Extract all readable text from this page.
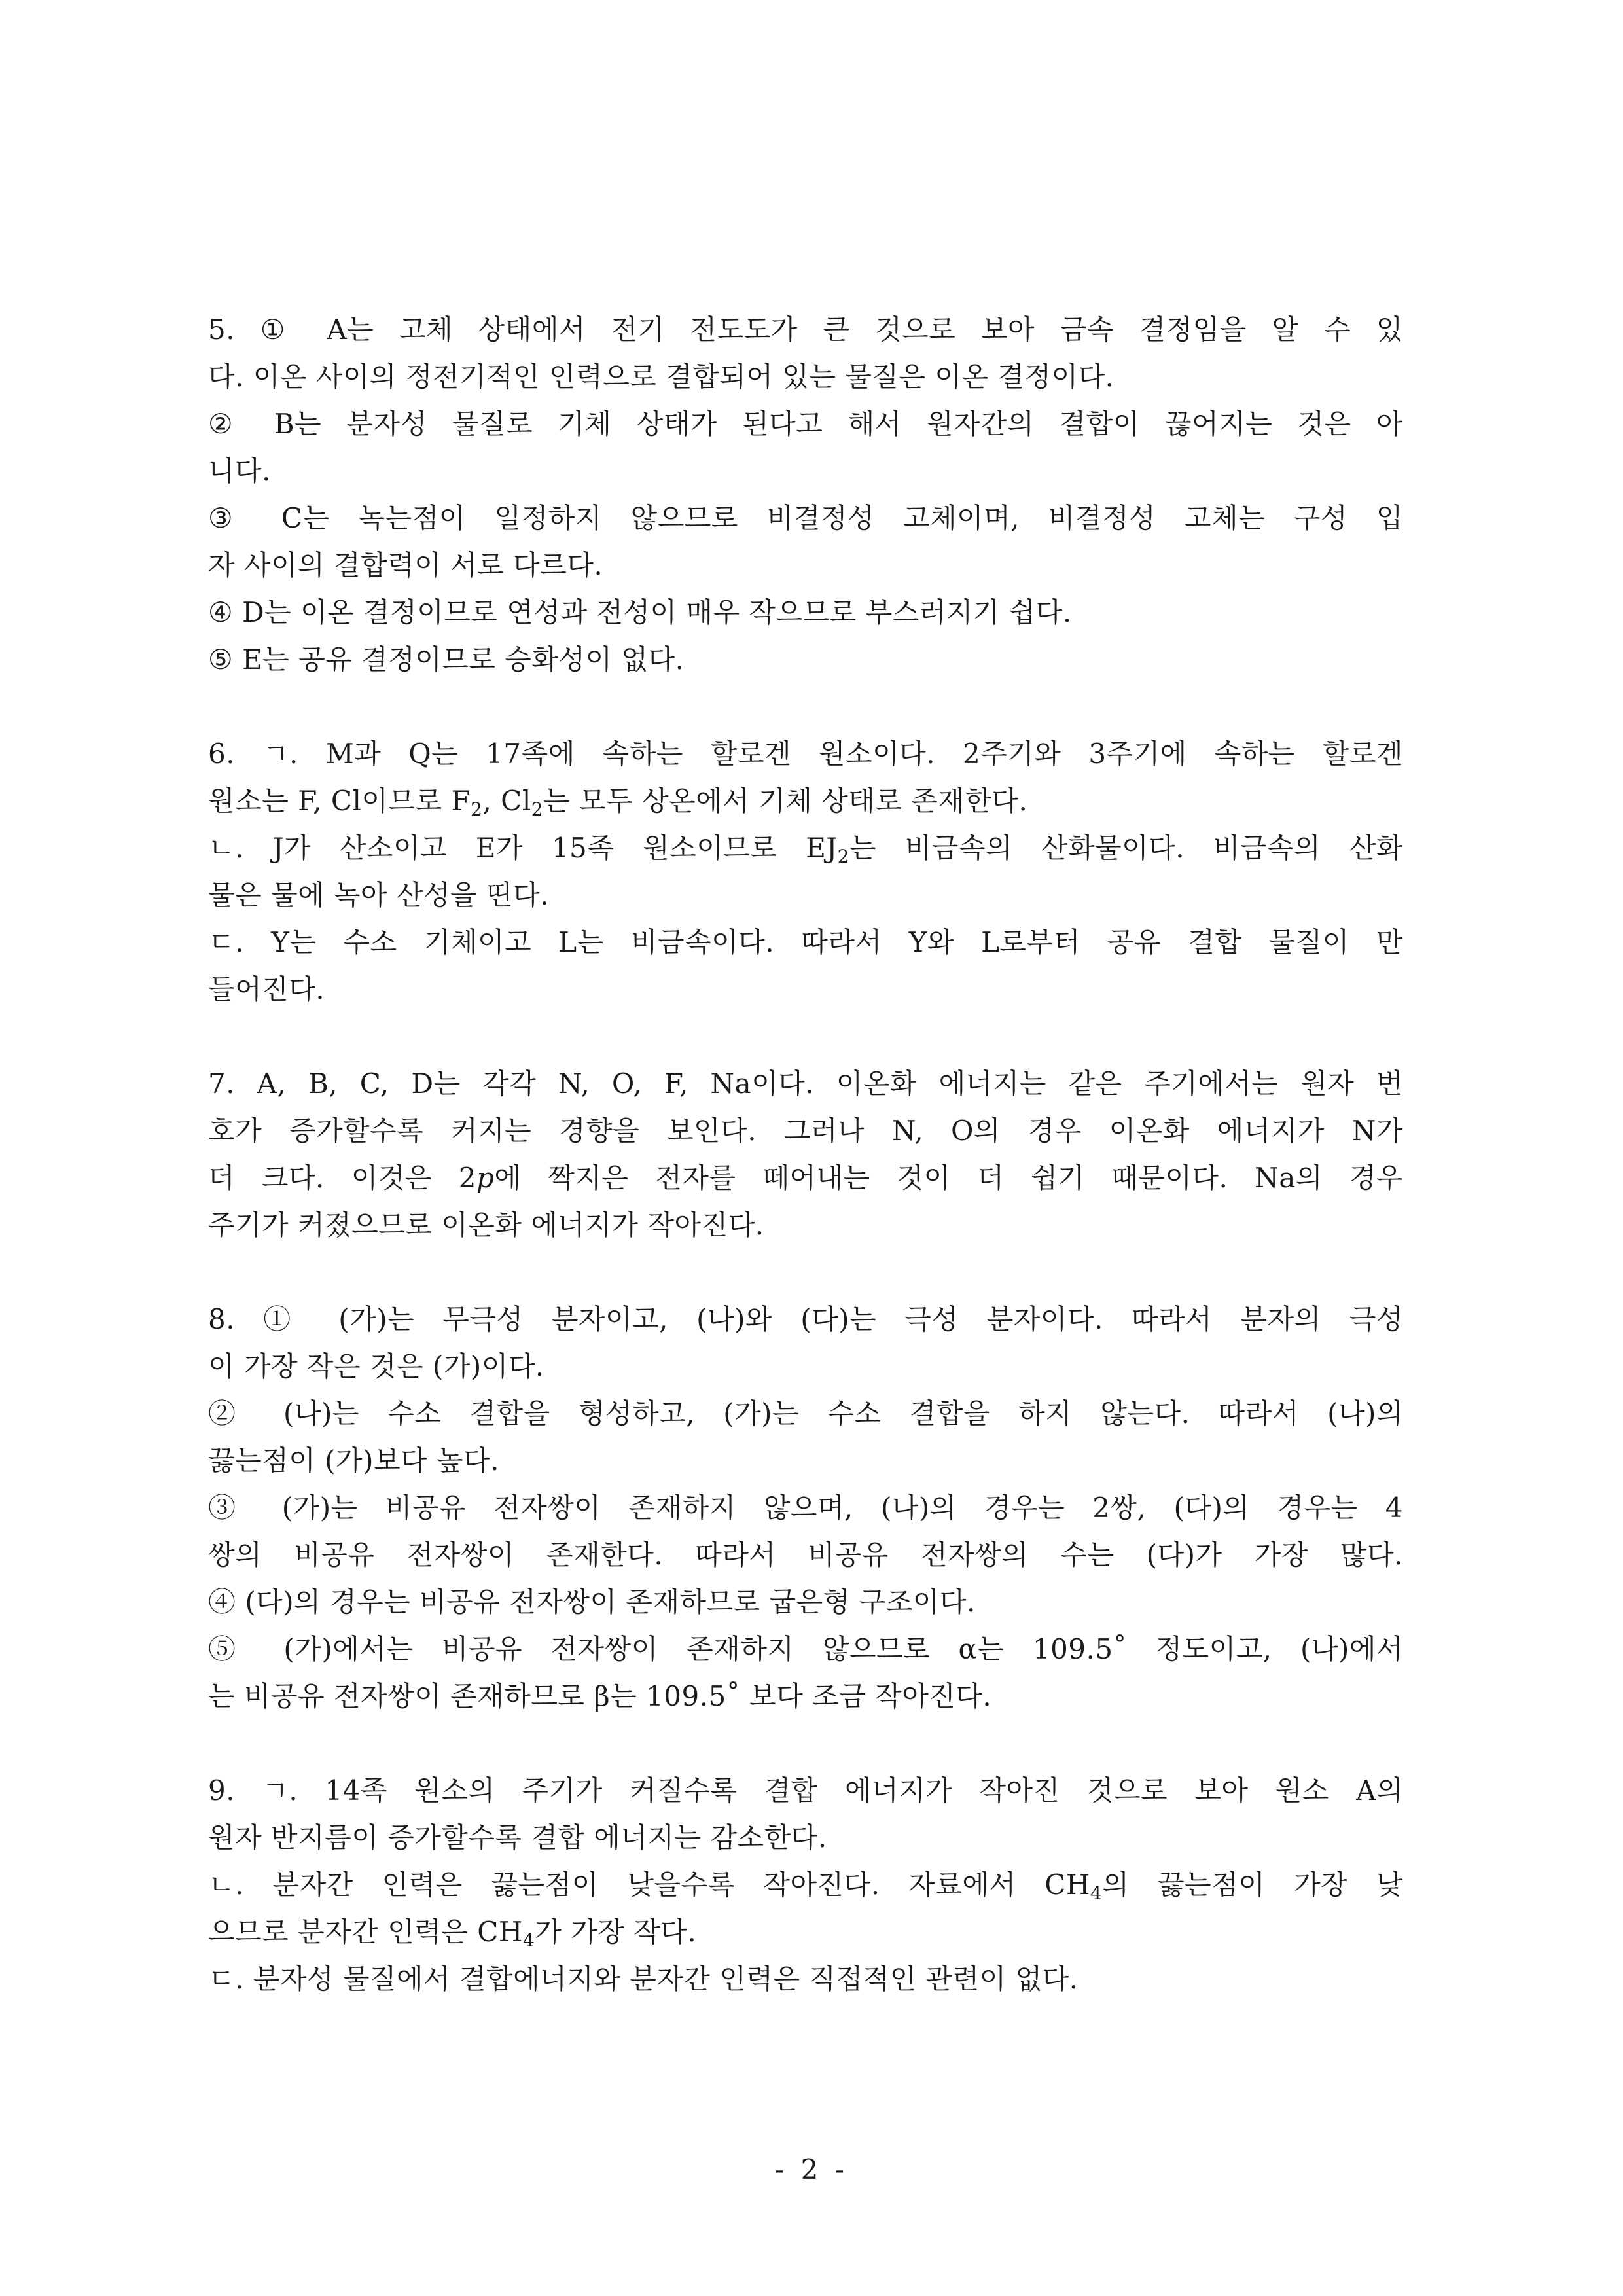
5. ① A는 고체 상태에서 전기 전도도가 큰 것으로 보아 금속 결정임을 알 수 있
다. 이온 사이의 정전기적인 인력으로 결합되어 있는 물질은 이온 결정이다.
② B는 분자성 물질로 기체 상태가 된다고 해서 원자간의 결합이 끊어지는 것은 아
니다.
③ C는 녹는점이 일정하지 않으므로 비결정성 고체이며, 비결정성 고체는 구성 입
자 사이의 결합력이 서로 다르다.
④ D는 이온 결정이므로 연성과 전성이 매우 작으므로 부스러지기 쉽다.
⑤ E는 공유 결정이므로 승화성이 없다.
6. ㄱ. M과 Q는 17족에 속하는 할로겐 원소이다. 2주기와 3주기에 속하는 할로겐
원소는 F, Cl이므로 $F_2$, $Cl_2$는 모두 상온에서 기체 상태로 존재한다.
ㄴ. J가 산소이고 E가 15족 원소이므로 $EJ_2$는 비금속의 산화물이다. 비금속의 산화
물은 물에 녹아 산성을 띤다.
ㄷ. Y는 수소 기체이고 L는 비금속이다. 따라서 Y와 L로부터 공유 결합 물질이 만
들어진다.
7. A, B, C, D는 각각 N, O, F, Na이다. 이온화 에너지는 같은 주기에서는 원자 번
호가 증가할수록 커지는 경향을 보인다. 그러나 N, O의 경우 이온화 에너지가 N가
더 크다. 이것은 2p에 짝지은 전자를 떼어내는 것이 더 쉽기 때문이다. Na의 경우
주기가 커졌으므로 이온화 에너지가 작아진다.
8. ① (가)는 무극성 분자이고, (나)와 (다)는 극성 분자이다. 따라서 분자의 극성
이 가장 작은 것은 (가)이다.
② (나)는 수소 결합을 형성하고, (가)는 수소 결합을 하지 않는다. 따라서 (나)의
끓는점이 (가)보다 높다.
③ (가)는 비공유 전자쌍이 존재하지 않으며, (나)의 경우는 2쌍, (다)의 경우는 4
쌍의 비공유 전자쌍이 존재한다. 따라서 비공유 전자쌍의 수는 (다)가 가장 많다.
④ (다)의 경우는 비공유 전자쌍이 존재하므로 굽은형 구조이다.
⑤ (가)에서는 비공유 전자쌍이 존재하지 않으므로 α는 109.5˚ 정도이고, (나)에서
는 비공유 전자쌍이 존재하므로 β는 109.5˚ 보다 조금 작아진다.
9. ㄱ. 14족 원소의 주기가 커질수록 결합 에너지가 작아진 것으로 보아 원소 A의
원자 반지름이 증가할수록 결합 에너지는 감소한다.
ㄴ. 분자간 인력은 끓는점이 낮을수록 작아진다. 자료에서 $CH_4$의 끓는점이 가장 낮
으므로 분자간 인력은 $CH_4$가 가장 작다.
ㄷ. 분자성 물질에서 결합에너지와 분자간 인력은 직접적인 관련이 없다.
- 2 -
